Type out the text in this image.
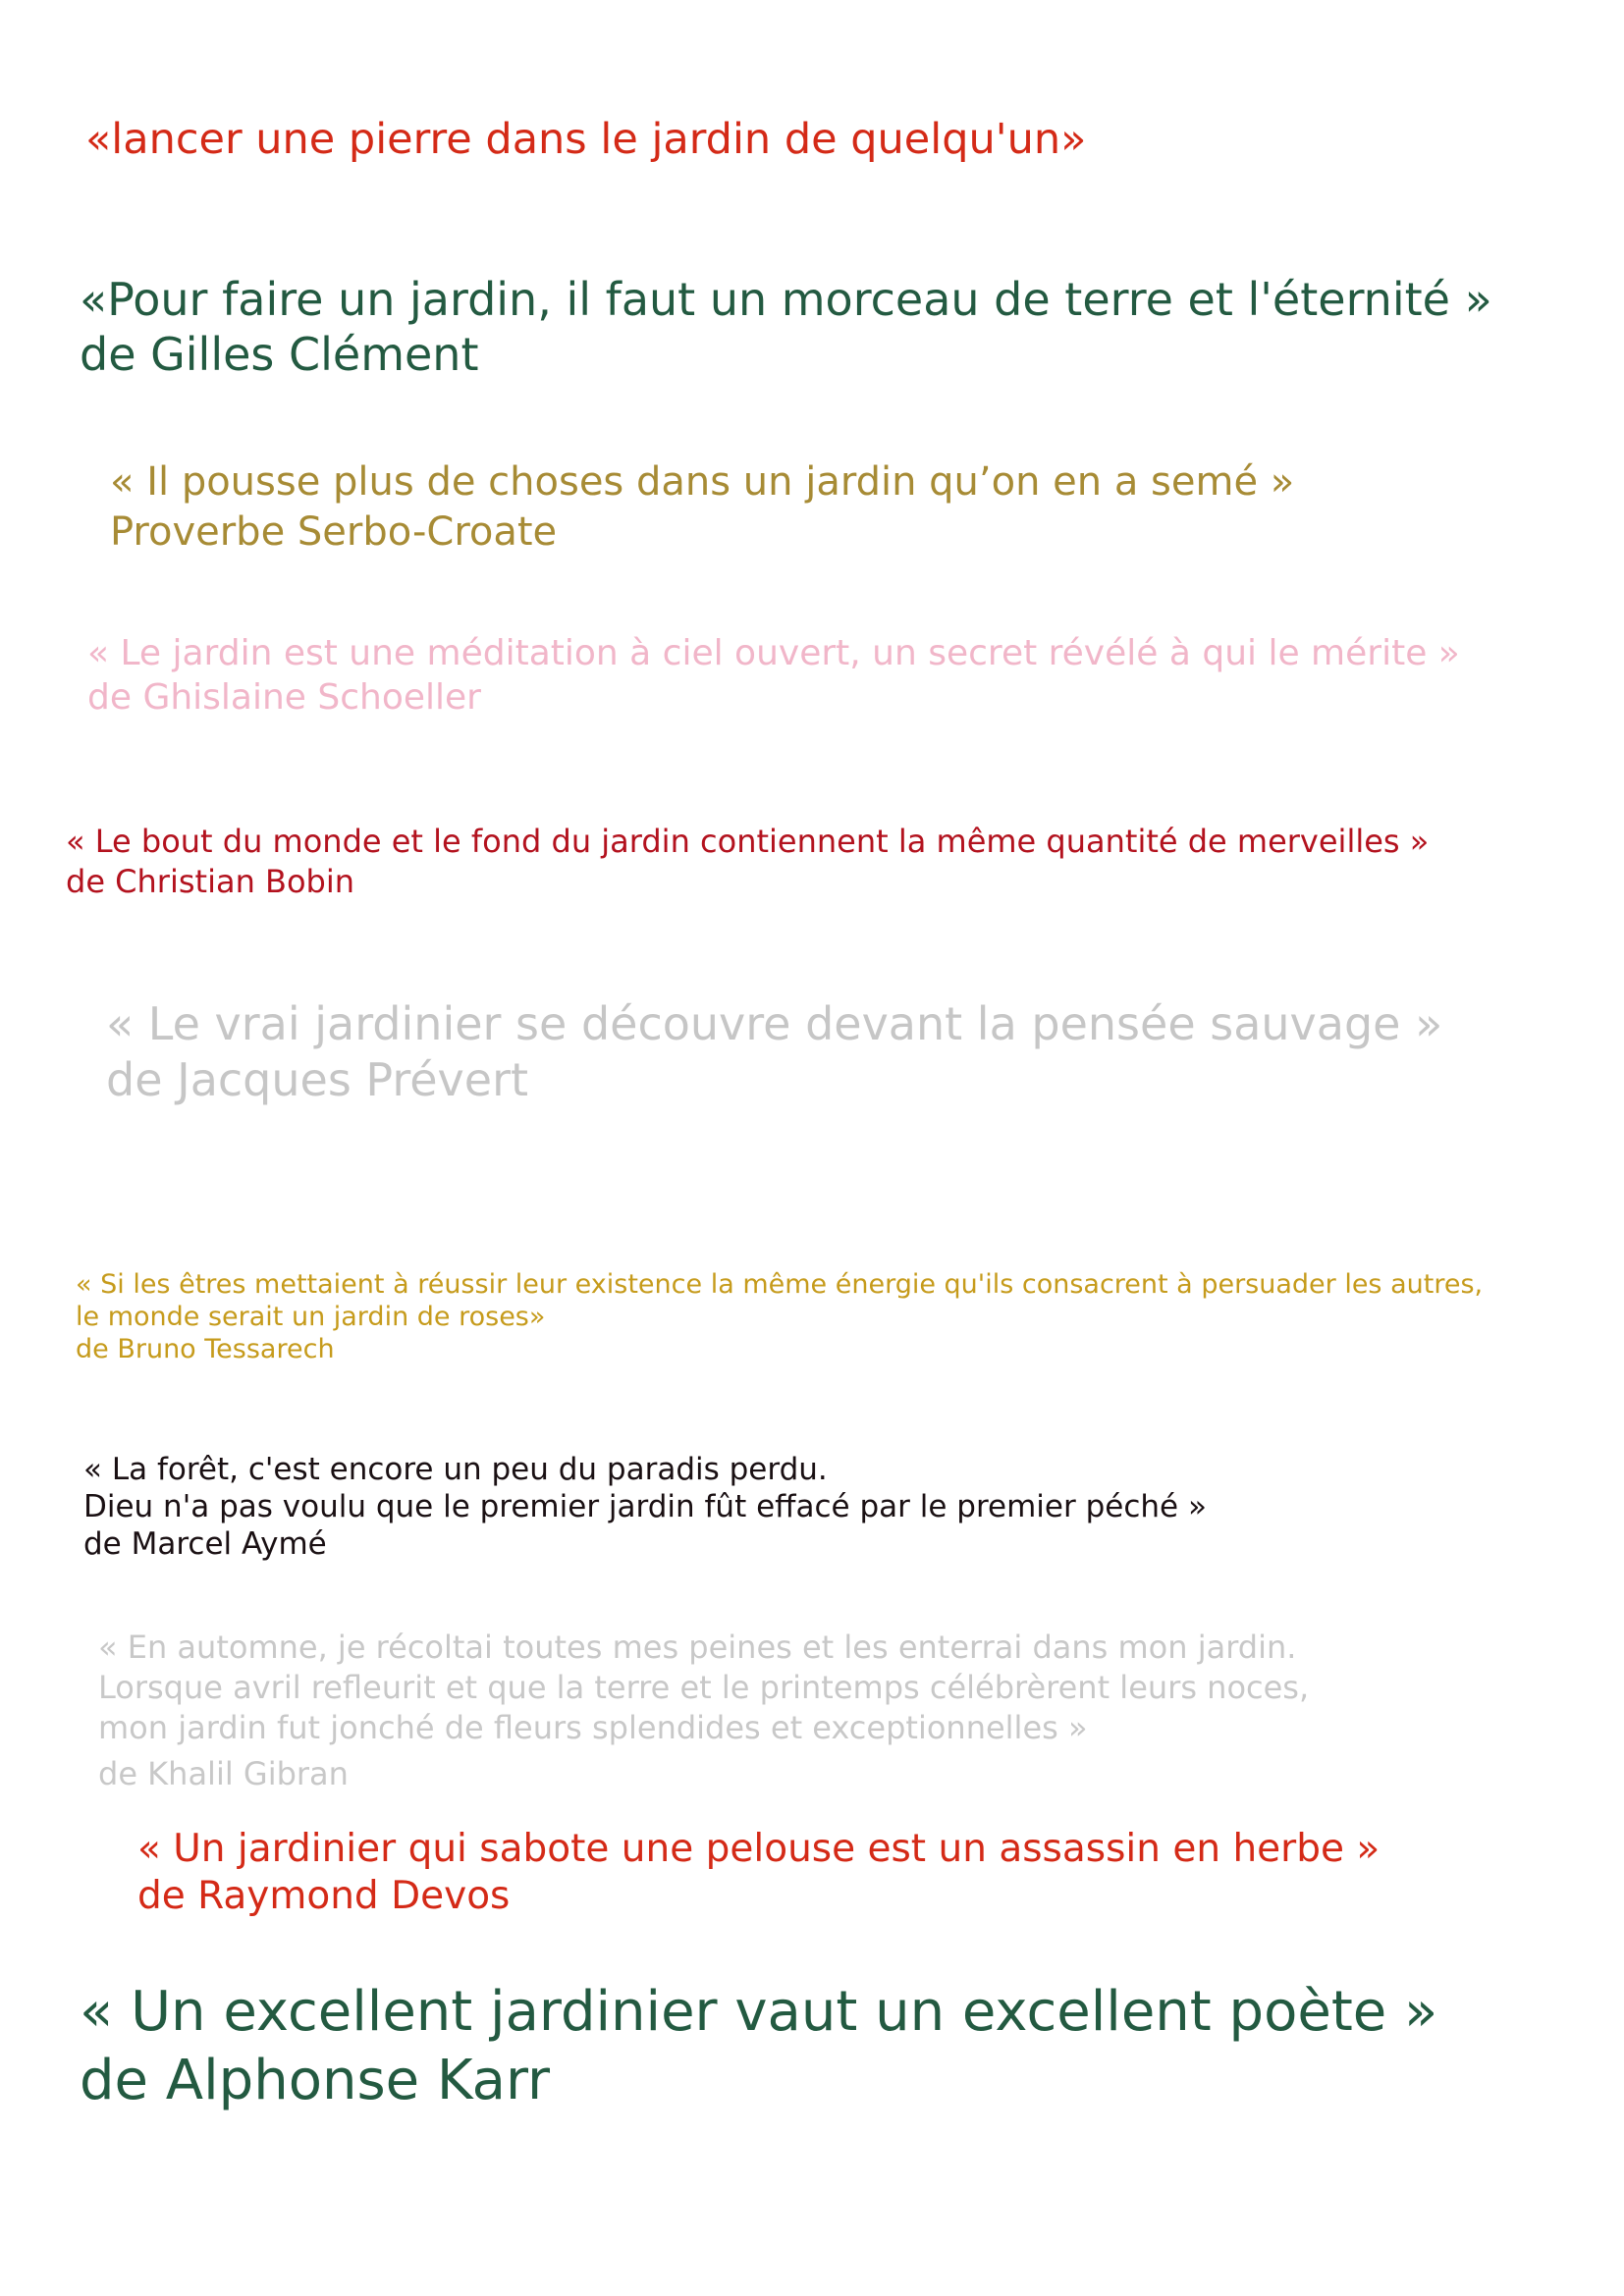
«lancer une pierre dans le jardin de quelqu'un»
«Pour faire un jardin, il faut un morceau de terre et l'éternité »
de Gilles Clément
« Il pousse plus de choses dans un jardin qu’on en a semé »
Proverbe Serbo-Croate
« Le jardin est une méditation à ciel ouvert, un secret révélé à qui le mérite »
de Ghislaine Schoeller
« Le bout du monde et le fond du jardin contiennent la même quantité de merveilles »
de Christian Bobin
« Le vrai jardinier se découvre devant la pensée sauvage »
de Jacques Prévert
« Si les êtres mettaient à réussir leur existence la même énergie qu'ils consacrent à persuader les autres,
le monde serait un jardin de roses»
de Bruno Tessarech
« La forêt, c'est encore un peu du paradis perdu.
Dieu n'a pas voulu que le premier jardin fût effacé par le premier péché »
de Marcel Aymé
« En automne, je récoltai toutes mes peines et les enterrai dans mon jardin.
Lorsque avril refleurit et que la terre et le printemps célébrèrent leurs noces,
mon jardin fut jonché de fleurs splendides et exceptionnelles »
de Khalil Gibran
« Un jardinier qui sabote une pelouse est un assassin en herbe »
de Raymond Devos
« Un excellent jardinier vaut un excellent poète »
de Alphonse Karr
